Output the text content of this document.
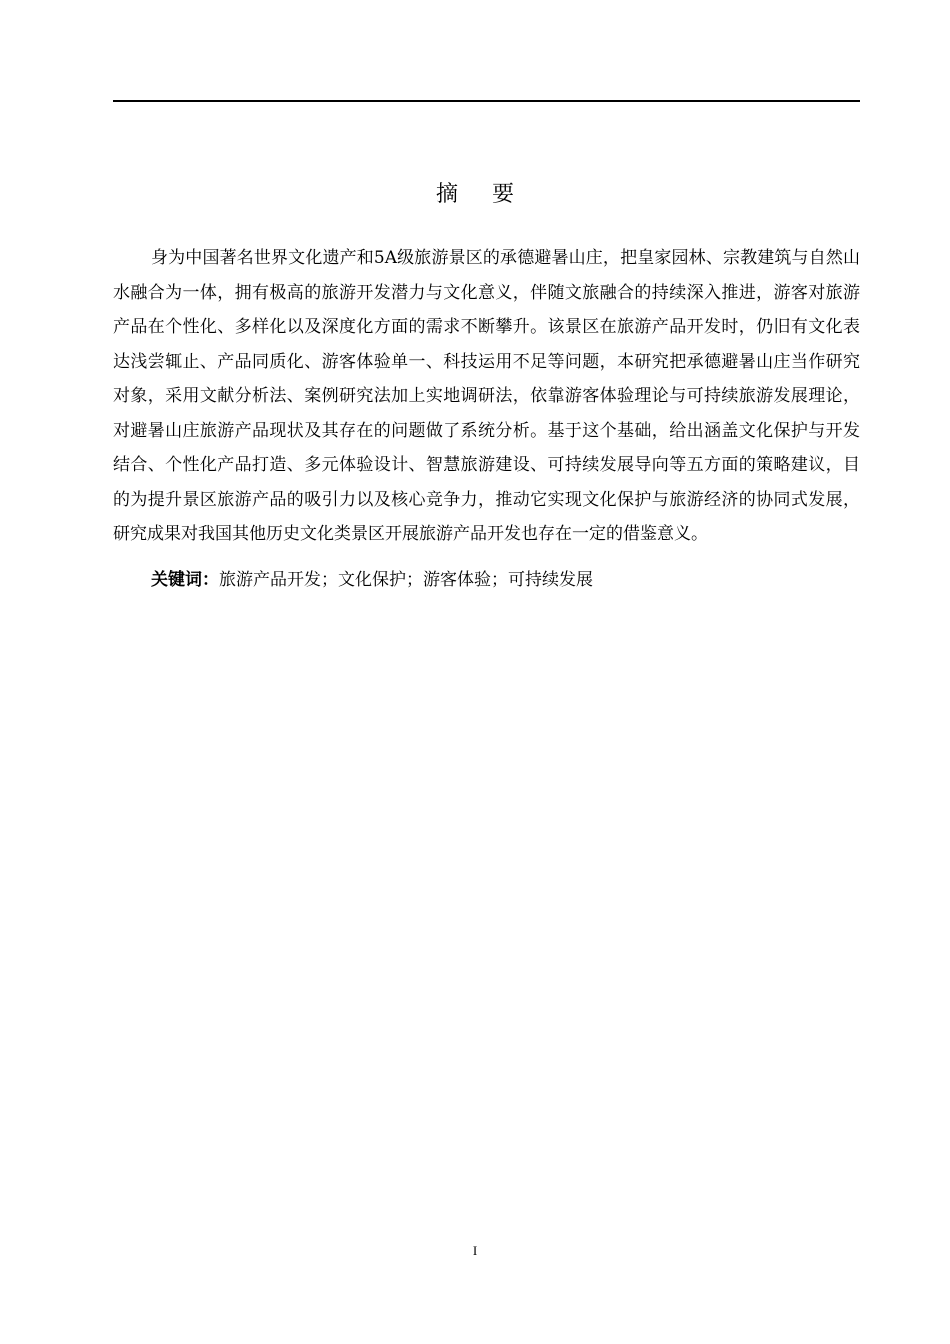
摘要

身为中国著名世界文化遗产和5A级旅游景区的承德避暑山庄，把皇家园林、宗教建筑与自然山水融合为一体，拥有极高的旅游开发潜力与文化意义，伴随文旅融合的持续深入推进，游客对旅游产品在个性化、多样化以及深度化方面的需求不断攀升。该景区在旅游产品开发时，仍旧有文化表达浅尝辄止、产品同质化、游客体验单一、科技运用不足等问题，本研究把承德避暑山庄当作研究对象，采用文献分析法、案例研究法加上实地调研法，依靠游客体验理论与可持续旅游发展理论，对避暑山庄旅游产品现状及其存在的问题做了系统分析。基于这个基础，给出涵盖文化保护与开发结合、个性化产品打造、多元体验设计、智慧旅游建设、可持续发展导向等五方面的策略建议，目的为提升景区旅游产品的吸引力以及核心竞争力，推动它实现文化保护与旅游经济的协同式发展，研究成果对我国其他历史文化类景区开展旅游产品开发也存在一定的借鉴意义。

关键词：旅游产品开发；文化保护；游客体验；可持续发展

I
